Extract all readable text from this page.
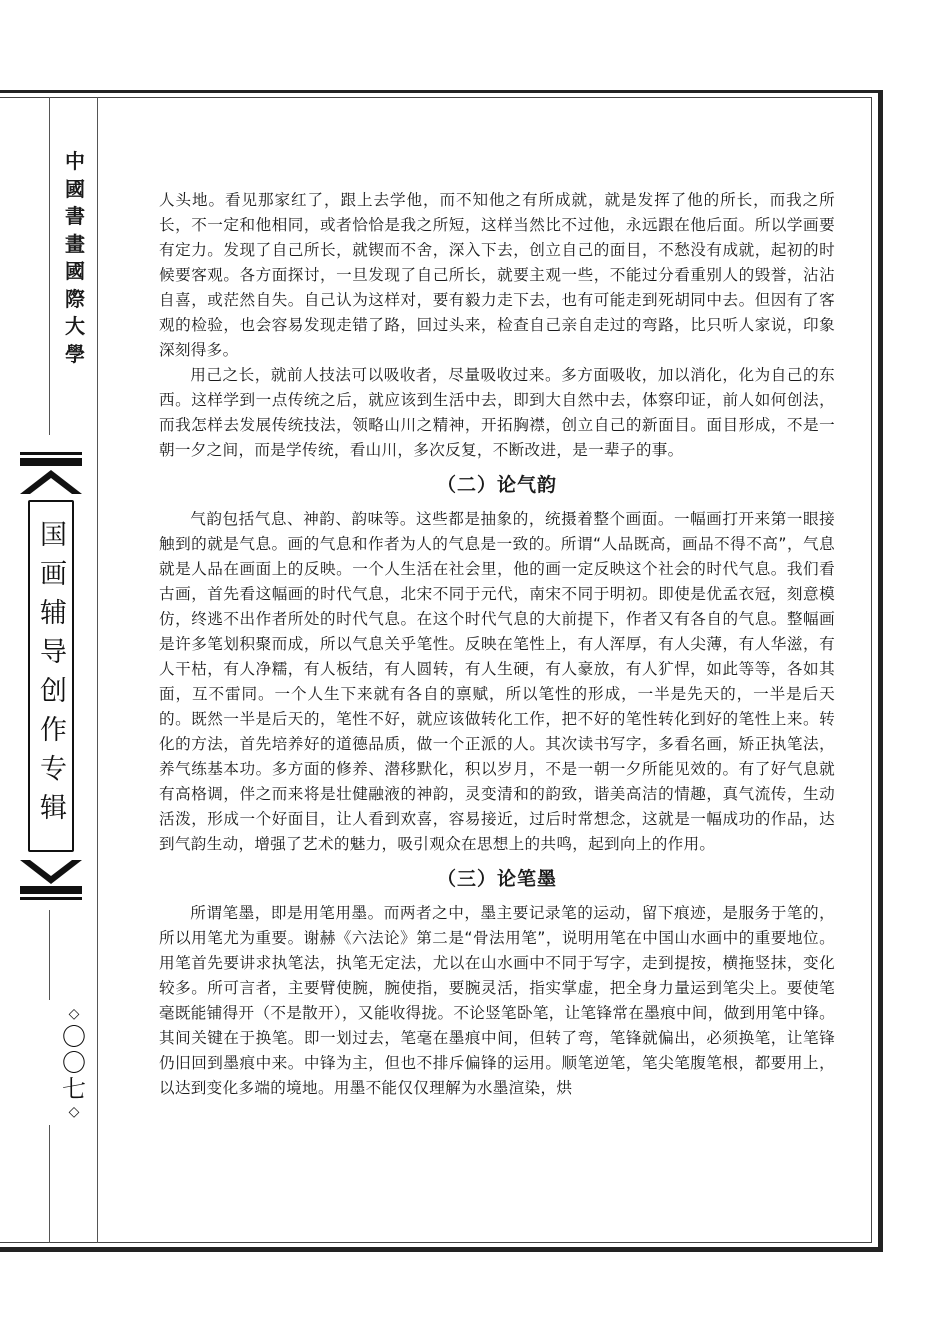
中
國
書
畫
國
際
大
學
国
画
辅
导
创
作
专
辑
◇
〇
〇
七
◇

人头地。看见那家红了，跟上去学他，而不知他之有所成就，就是发挥了他的所长，而我之所长，不一定和他相同，或者恰恰是我之所短，这样当然比不过他，永远跟在他后面。所以学画要有定力。发现了自己所长，就锲而不舍，深入下去，创立自己的面目，不愁没有成就，起初的时候要客观。各方面探讨，一旦发现了自己所长，就要主观一些，不能过分看重别人的毁誉，沾沾自喜，或茫然自失。自己认为这样对，要有毅力走下去，也有可能走到死胡同中去。但因有了客观的检验，也会容易发现走错了路，回过头来，检查自己亲自走过的弯路，比只听人家说，印象深刻得多。

用己之长，就前人技法可以吸收者，尽量吸收过来。多方面吸收，加以消化，化为自己的东西。这样学到一点传统之后，就应该到生活中去，即到大自然中去，体察印证，前人如何创法，而我怎样去发展传统技法，领略山川之精神，开拓胸襟，创立自己的新面目。面目形成，不是一朝一夕之间，而是学传统，看山川，多次反复，不断改进，是一辈子的事。

（二）论气韵

气韵包括气息、神韵、韵味等。这些都是抽象的，统摄着整个画面。一幅画打开来第一眼接触到的就是气息。画的气息和作者为人的气息是一致的。所谓“人品既高，画品不得不高”，气息就是人品在画面上的反映。一个人生活在社会里，他的画一定反映这个社会的时代气息。我们看古画，首先看这幅画的时代气息，北宋不同于元代，南宋不同于明初。即使是优孟衣冠，刻意模仿，终逃不出作者所处的时代气息。在这个时代气息的大前提下，作者又有各自的气息。整幅画是许多笔划积聚而成，所以气息关乎笔性。反映在笔性上，有人浑厚，有人尖薄，有人华滋，有人干枯，有人净糯，有人板结，有人圆转，有人生硬，有人豪放，有人犷悍，如此等等，各如其面，互不雷同。一个人生下来就有各自的禀赋，所以笔性的形成，一半是先天的，一半是后天的。既然一半是后天的，笔性不好，就应该做转化工作，把不好的笔性转化到好的笔性上来。转化的方法，首先培养好的道德品质，做一个正派的人。其次读书写字，多看名画，矫正执笔法，养气练基本功。多方面的修养、潜移默化，积以岁月，不是一朝一夕所能见效的。有了好气息就有高格调，伴之而来将是壮健融液的神韵，灵变清和的韵致，谐美高洁的情趣，真气流传，生动活泼，形成一个好面目，让人看到欢喜，容易接近，过后时常想念，这就是一幅成功的作品，达到气韵生动，增强了艺术的魅力，吸引观众在思想上的共鸣，起到向上的作用。

（三）论笔墨

所谓笔墨，即是用笔用墨。而两者之中，墨主要记录笔的运动，留下痕迹，是服务于笔的，所以用笔尤为重要。谢赫《六法论》第二是“骨法用笔”，说明用笔在中国山水画中的重要地位。用笔首先要讲求执笔法，执笔无定法，尤以在山水画中不同于写字，走到提按，横拖竖抹，变化较多。所可言者，主要臂使腕，腕使指，要腕灵活，指实掌虚，把全身力量运到笔尖上。要使笔毫既能铺得开（不是散开），又能收得拢。不论竖笔卧笔，让笔锋常在墨痕中间，做到用笔中锋。其间关键在于换笔。即一划过去，笔毫在墨痕中间，但转了弯，笔锋就偏出，必须换笔，让笔锋仍旧回到墨痕中来。中锋为主，但也不排斥偏锋的运用。顺笔逆笔，笔尖笔腹笔根，都要用上，以达到变化多端的境地。用墨不能仅仅理解为水墨渲染，烘
